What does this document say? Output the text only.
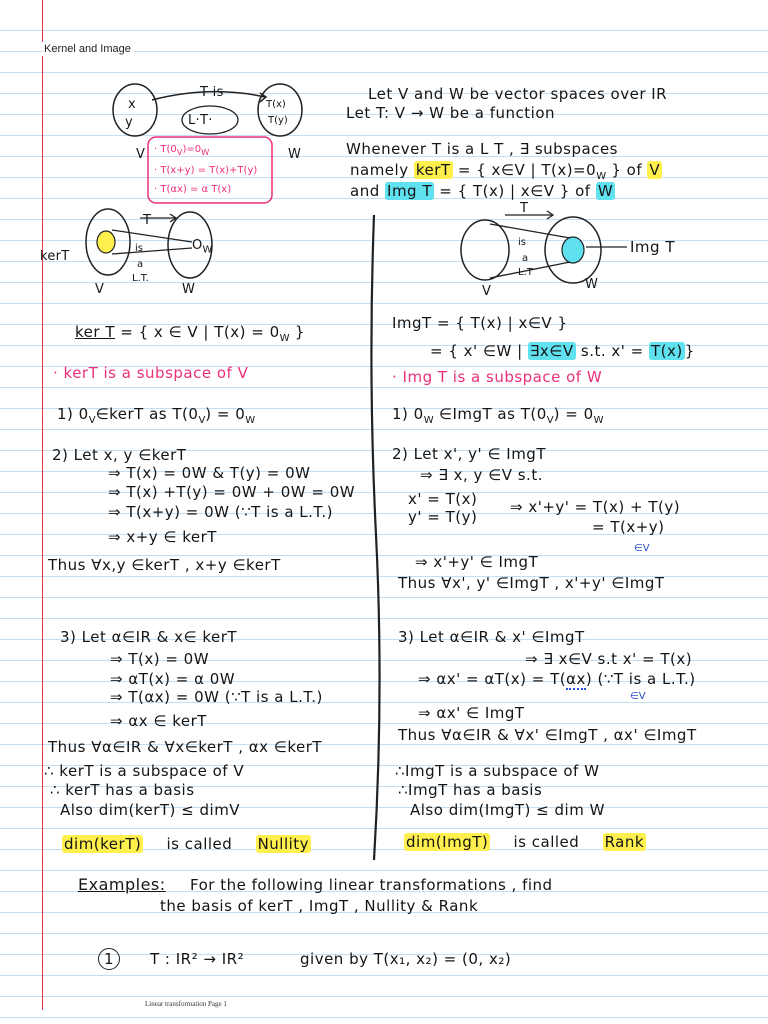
Kernel and Image
Let V and W be vector spaces over IR
Let T: V → W be a function
Whenever T is a L T , ∃ subspaces
namely kerT = { x∈V | $T(x)=0_W$ } of V
and Img T = { T(x) | x∈V } of W
x
y
T is
L·T·
T(x)
T(y)
V	W
· $T(0_V)=0_W$
· T(x+y) = T(x)+T(y)
· T(αx) = α T(x)
kerT
T
is
a
L.T.
$O_W$
V	W
T
is
a
L.T
Img T
V	W
ker T = { x ∈ V | $T(x) = 0_W$ }
· kerT is a subspace of V
1) $0_V\in kerT$ as $T(0_V) = 0_W$
2) Let x, y ∈kerT
⇒ T(x) = 0W & T(y) = 0W
⇒ T(x) +T(y) = 0W + 0W = 0W
⇒ T(x+y) = 0W (∵T is a L.T.)
⇒ x+y ∈ kerT
Thus ∀x,y ∈kerT , x+y ∈kerT
3) Let α∈IR & x∈ kerT
⇒ T(x) = 0W
⇒ αT(x) = α 0W
⇒ T(αx) = 0W (∵T is a L.T.)
⇒ αx ∈ kerT
Thus ∀α∈IR & ∀x∈kerT , αx ∈kerT
∴ kerT is a subspace of V
∴ kerT has a basis
Also dim(kerT) ≤ dimV
dim(kerT) is called Nullity
ImgT = { T(x) | x∈V }
= { x' ∈W | ∃x∈V s.t. x' = T(x) }
· Img T is a subspace of W
1) $0_W$ ∈ImgT as $T(0_V) = 0_W$
2) Let x', y' ∈ ImgT
⇒ ∃ x, y ∈V s.t.
x' = T(x)
y' = T(y)
⇒ x'+y' = T(x) + T(y)
= T(x+y)
∈V
⇒ x'+y' ∈ ImgT
Thus ∀x', y' ∈ImgT , x'+y' ∈ImgT
3) Let α∈IR & x' ∈ImgT
⇒ ∃ x∈V s.t x' = T(x)
⇒ αx' = αT(x) = T(αx) (∵T is a L.T.)
∈V
⇒ αx' ∈ ImgT
Thus ∀α∈IR & ∀x' ∈ImgT , αx' ∈ImgT
∴ImgT is a subspace of W
∴ImgT has a basis
Also dim(ImgT) ≤ dim W
dim(ImgT) is called Rank
Examples: For the following linear transformations , find
the basis of kerT , ImgT , Nullity & Rank
1	T : IR² → IR²	given by T(x₁, x₂) = (0, x₂)
Linear transformation Page 1
